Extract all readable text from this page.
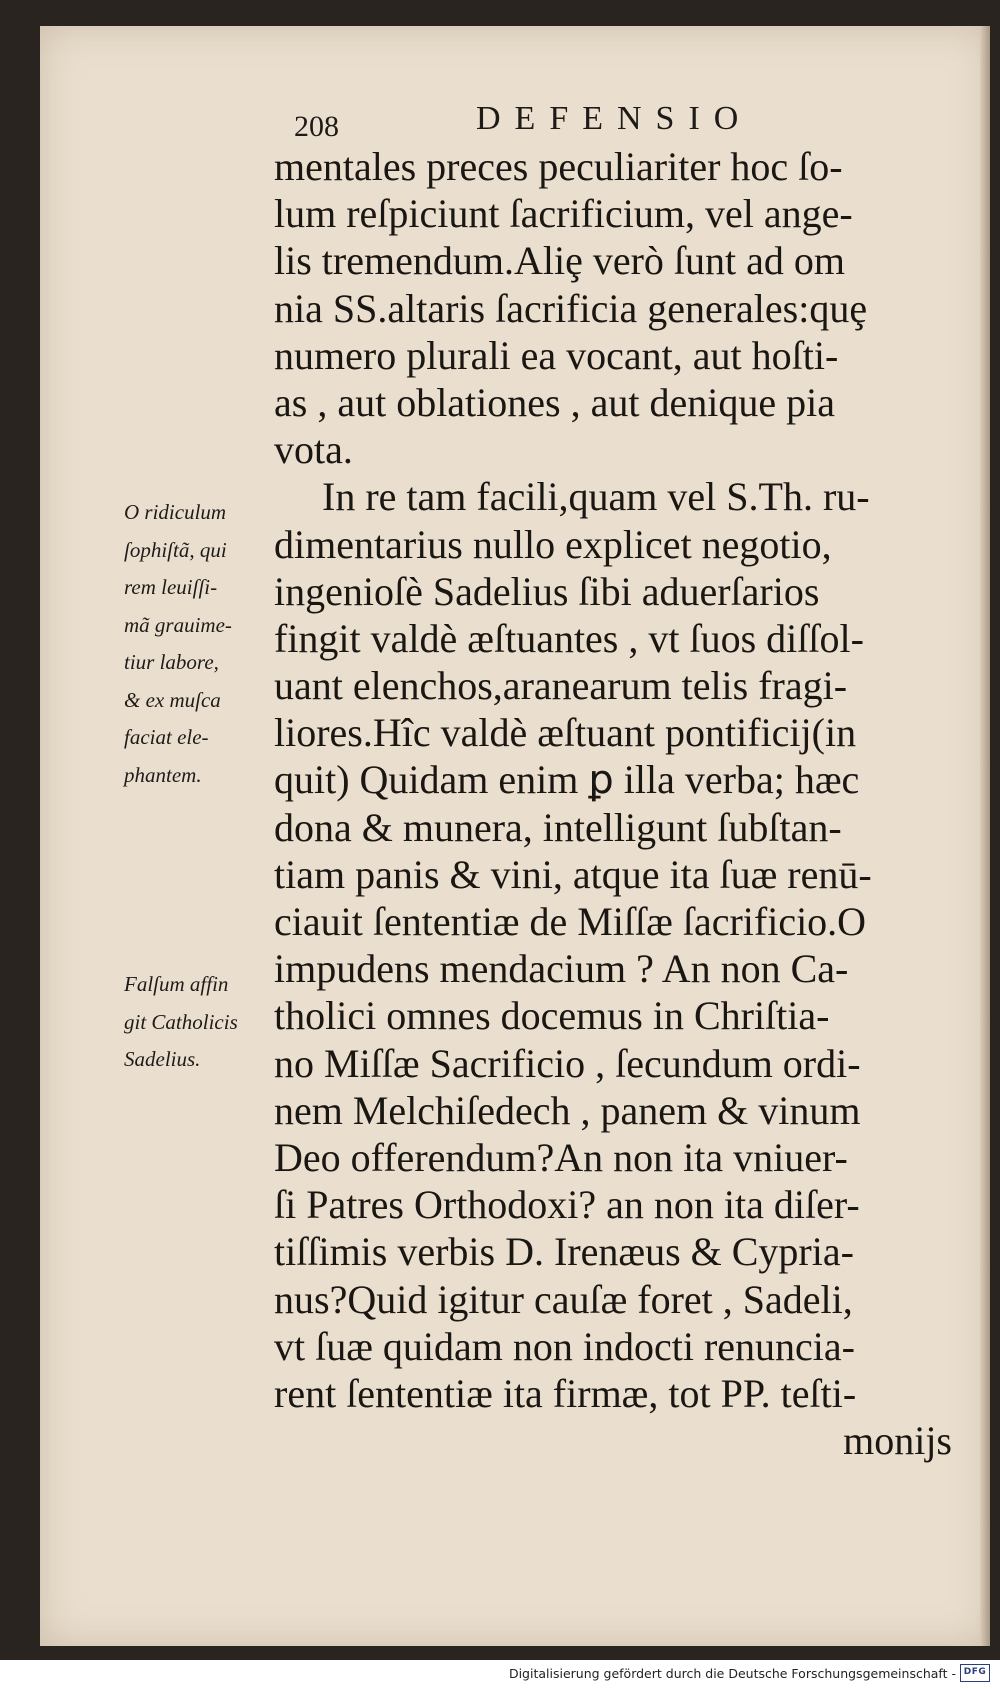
208	DEFENSIO
mentales preces peculiariter hoc ſo-
lum reſpiciunt ſacrificium, vel ange-
lis tremendum.Aliȩ verò ſunt ad om
nia SS.altaris ſacrificia generales:quȩ
numero plurali ea vocant, aut hoſti-
as , aut oblationes , aut denique pia
vota.
In re tam facili,quam vel S.Th. ru-
dimentarius nullo explicet negotio,
ingenioſè Sadelius ſibi aduerſarios
fingit valdè æſtuantes , vt ſuos diſſol-
uant elenchos,aranearum telis fragi-
liores.Hîc valdè æſtuant pontificij(in
quit) Quidam enim ꝑ illa verba; hæc
dona & munera, intelligunt ſubſtan-
tiam panis & vini, atque ita ſuæ renū-
ciauit ſententiæ de Miſſæ ſacrificio.O
impudens mendacium ? An non Ca-
tholici omnes docemus in Chriſtia-
no Miſſæ Sacrificio , ſecundum ordi-
nem Melchiſedech , panem & vinum
Deo offerendum?An non ita vniuer-
ſi Patres Orthodoxi? an non ita diſer-
tiſſimis verbis D. Irenæus & Cypria-
nus?Quid igitur cauſæ foret , Sadeli,
vt ſuæ quidam non indocti renuncia-
rent ſententiæ ita firmæ, tot PP. teſti-
monijs
O ridiculum
ſophiſtã, qui
rem leuiſſi-
mã grauime-
tiur labore,
& ex muſca
faciat ele-
phantem.
Falſum affin
git Catholicis
Sadelius.
Digitalisierung gefördert durch die Deutsche Forschungsgemeinschaft - DFG
